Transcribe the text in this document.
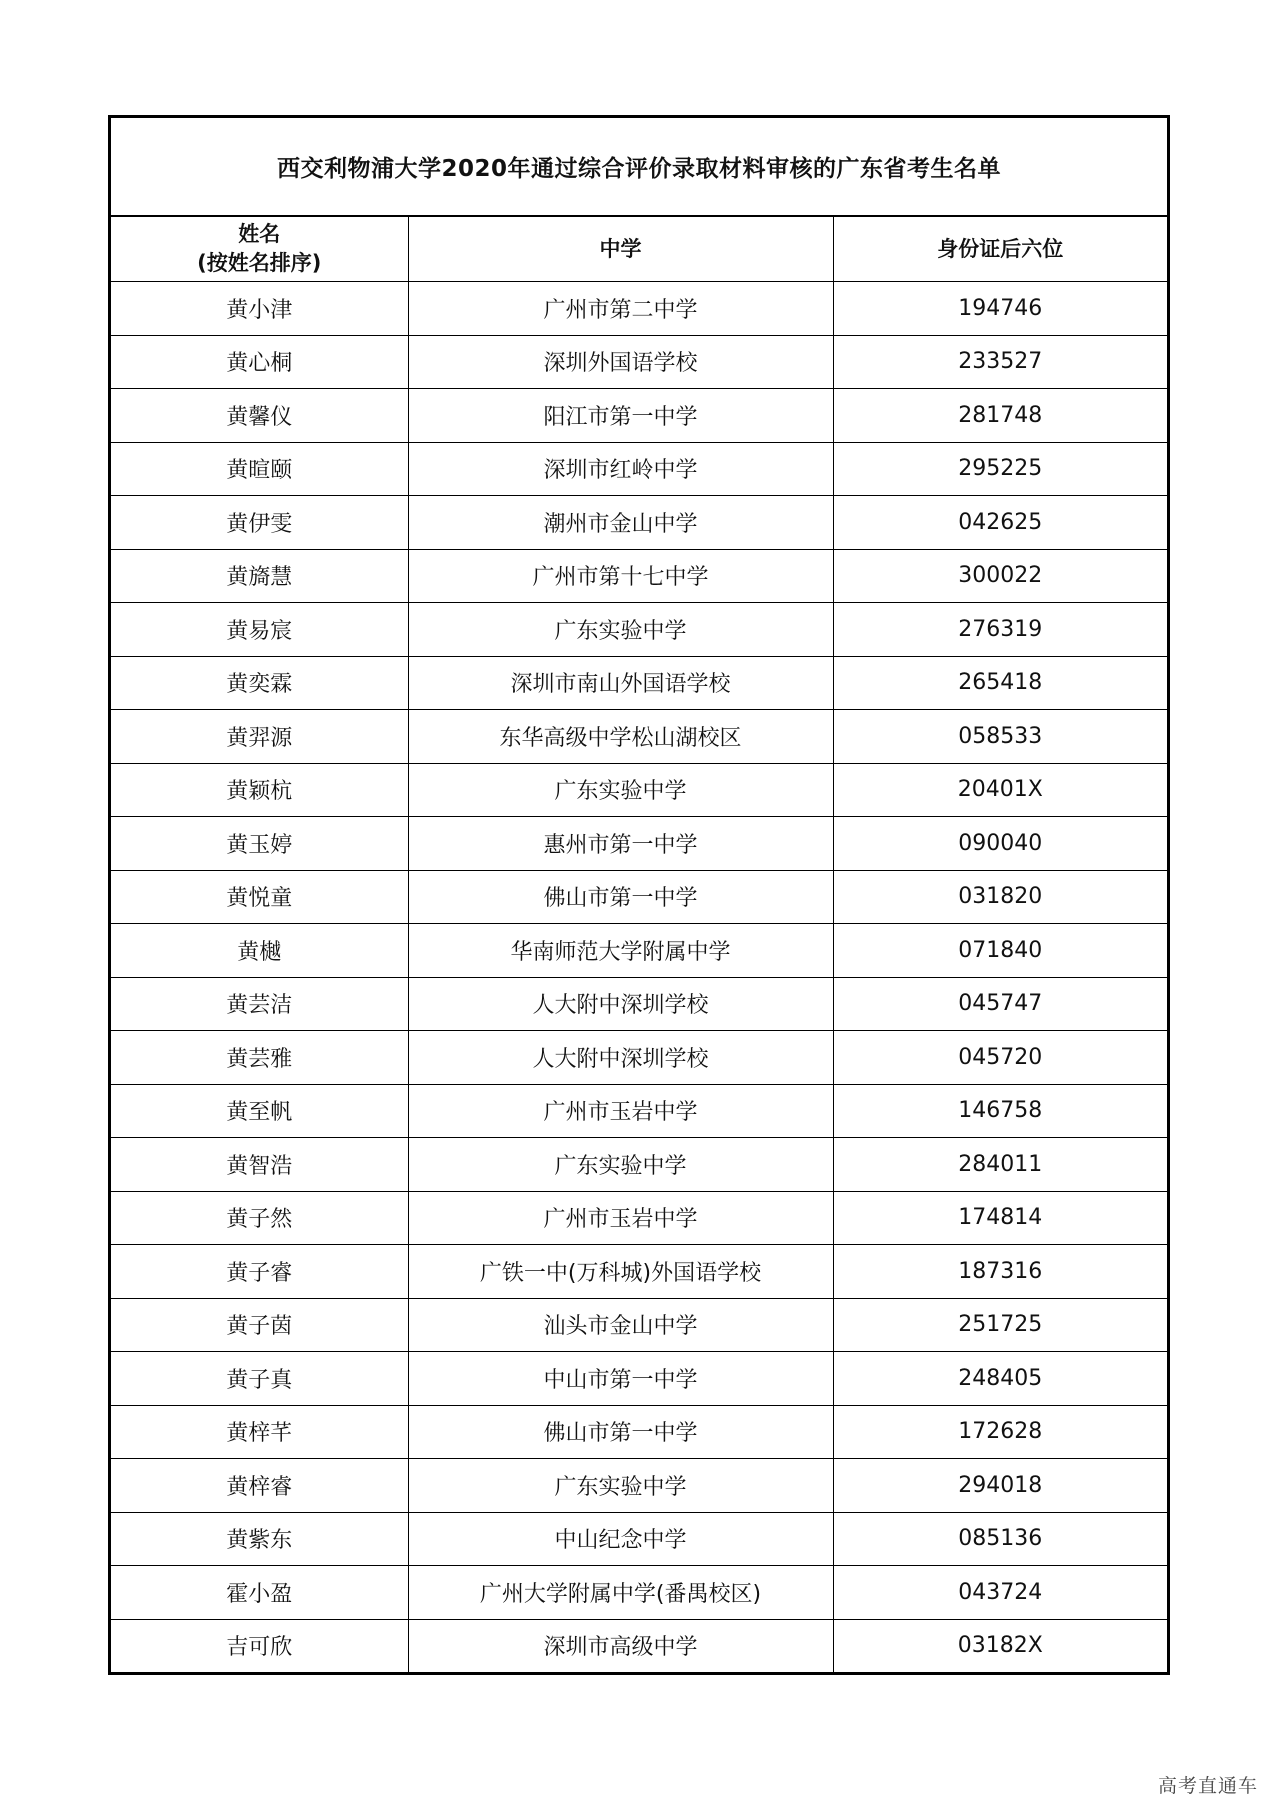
西交利物浦大学2020年通过综合评价录取材料审核的广东省考生名单
姓名
(按姓名排序)	中学	身份证后六位
黄小津	广州市第二中学	194746
黄心桐	深圳外国语学校	233527
黄馨仪	阳江市第一中学	281748
黄暄颐	深圳市红岭中学	295225
黄伊雯	潮州市金山中学	042625
黄旖慧	广州市第十七中学	300022
黄易宸	广东实验中学	276319
黄奕霖	深圳市南山外国语学校	265418
黄羿源	东华高级中学松山湖校区	058533
黄颖杭	广东实验中学	20401X
黄玉婷	惠州市第一中学	090040
黄悦童	佛山市第一中学	031820
黄樾	华南师范大学附属中学	071840
黄芸洁	人大附中深圳学校	045747
黄芸雅	人大附中深圳学校	045720
黄至帆	广州市玉岩中学	146758
黄智浩	广东实验中学	284011
黄子然	广州市玉岩中学	174814
黄子睿	广铁一中(万科城)外国语学校	187316
黄子茵	汕头市金山中学	251725
黄子真	中山市第一中学	248405
黄梓芊	佛山市第一中学	172628
黄梓睿	广东实验中学	294018
黄紫东	中山纪念中学	085136
霍小盈	广州大学附属中学(番禺校区)	043724
吉可欣	深圳市高级中学	03182X
高考直通车
